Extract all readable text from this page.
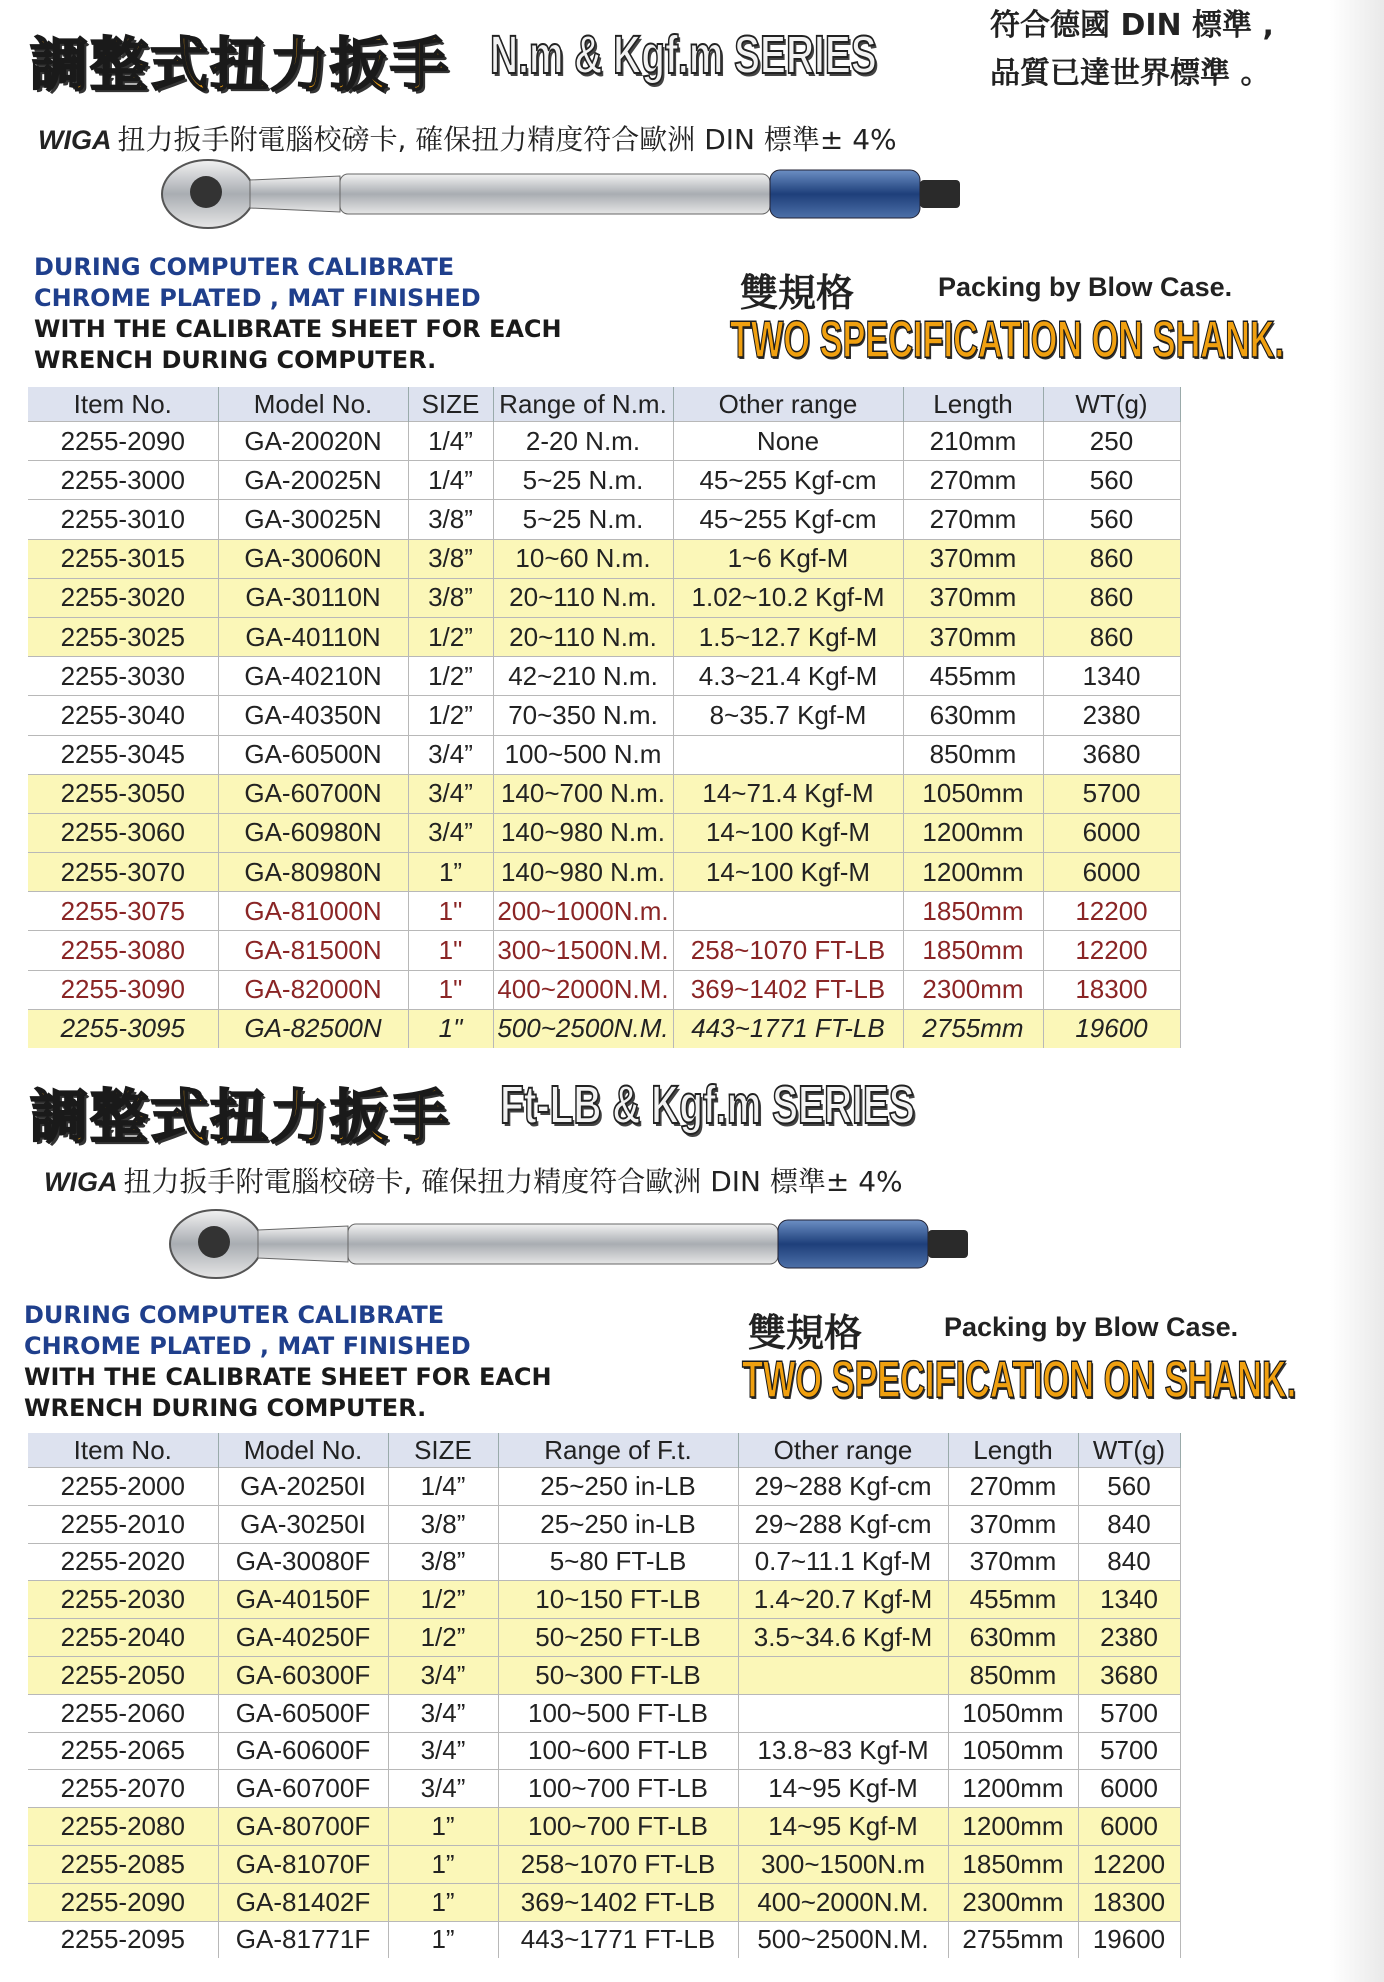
調整式扭力扳手 N.m & Kgf.m SERIES	符合德國 DIN 標準 ,
品質已達世界標準 。
WIGA 扭力扳手附電腦校磅卡, 確保扭力精度符合歐洲 DIN 標準± 4%
DURING COMPUTER CALIBRATE
CHROME PLATED , MAT FINISHED
WITH THE CALIBRATE SHEET FOR EACH
WRENCH DURING COMPUTER.
雙規格	Packing by Blow Case.
TWO SPECIFICATION ON SHANK.
Item No.	Model No.	SIZE	Range of N.m.	Other range	Length	WT(g)
2255-2090	GA-20020N	1/4”	2-20 N.m.	None	210mm	250
2255-3000	GA-20025N	1/4”	5~25 N.m.	45~255 Kgf-cm	270mm	560
2255-3010	GA-30025N	3/8”	5~25 N.m.	45~255 Kgf-cm	270mm	560
2255-3015	GA-30060N	3/8”	10~60 N.m.	1~6 Kgf-M	370mm	860
2255-3020	GA-30110N	3/8”	20~110 N.m.	1.02~10.2 Kgf-M	370mm	860
2255-3025	GA-40110N	1/2”	20~110 N.m.	1.5~12.7 Kgf-M	370mm	860
2255-3030	GA-40210N	1/2”	42~210 N.m.	4.3~21.4 Kgf-M	455mm	1340
2255-3040	GA-40350N	1/2”	70~350 N.m.	8~35.7 Kgf-M	630mm	2380
2255-3045	GA-60500N	3/4”	100~500 N.m		850mm	3680
2255-3050	GA-60700N	3/4”	140~700 N.m.	14~71.4 Kgf-M	1050mm	5700
2255-3060	GA-60980N	3/4”	140~980 N.m.	14~100 Kgf-M	1200mm	6000
2255-3070	GA-80980N	1”	140~980 N.m.	14~100 Kgf-M	1200mm	6000
2255-3075	GA-81000N	1"	200~1000N.m.		1850mm	12200
2255-3080	GA-81500N	1"	300~1500N.M.	258~1070 FT-LB	1850mm	12200
2255-3090	GA-82000N	1"	400~2000N.M.	369~1402 FT-LB	2300mm	18300
2255-3095	GA-82500N	1"	500~2500N.M.	443~1771 FT-LB	2755mm	19600
調整式扭力扳手 Ft-LB & Kgf.m SERIES
WIGA 扭力扳手附電腦校磅卡, 確保扭力精度符合歐洲 DIN 標準± 4%
DURING COMPUTER CALIBRATE
CHROME PLATED , MAT FINISHED
WITH THE CALIBRATE SHEET FOR EACH
WRENCH DURING COMPUTER.
雙規格	Packing by Blow Case.
TWO SPECIFICATION ON SHANK.
Item No.	Model No.	SIZE	Range of F.t.	Other range	Length	WT(g)
2255-2000	GA-20250I	1/4”	25~250 in-LB	29~288 Kgf-cm	270mm	560
2255-2010	GA-30250I	3/8”	25~250 in-LB	29~288 Kgf-cm	370mm	840
2255-2020	GA-30080F	3/8”	5~80 FT-LB	0.7~11.1 Kgf-M	370mm	840
2255-2030	GA-40150F	1/2”	10~150 FT-LB	1.4~20.7 Kgf-M	455mm	1340
2255-2040	GA-40250F	1/2”	50~250 FT-LB	3.5~34.6 Kgf-M	630mm	2380
2255-2050	GA-60300F	3/4”	50~300 FT-LB		850mm	3680
2255-2060	GA-60500F	3/4”	100~500 FT-LB		1050mm	5700
2255-2065	GA-60600F	3/4”	100~600 FT-LB	13.8~83 Kgf-M	1050mm	5700
2255-2070	GA-60700F	3/4”	100~700 FT-LB	14~95 Kgf-M	1200mm	6000
2255-2080	GA-80700F	1”	100~700 FT-LB	14~95 Kgf-M	1200mm	6000
2255-2085	GA-81070F	1”	258~1070 FT-LB	300~1500N.m	1850mm	12200
2255-2090	GA-81402F	1”	369~1402 FT-LB	400~2000N.M.	2300mm	18300
2255-2095	GA-81771F	1”	443~1771 FT-LB	500~2500N.M.	2755mm	19600
